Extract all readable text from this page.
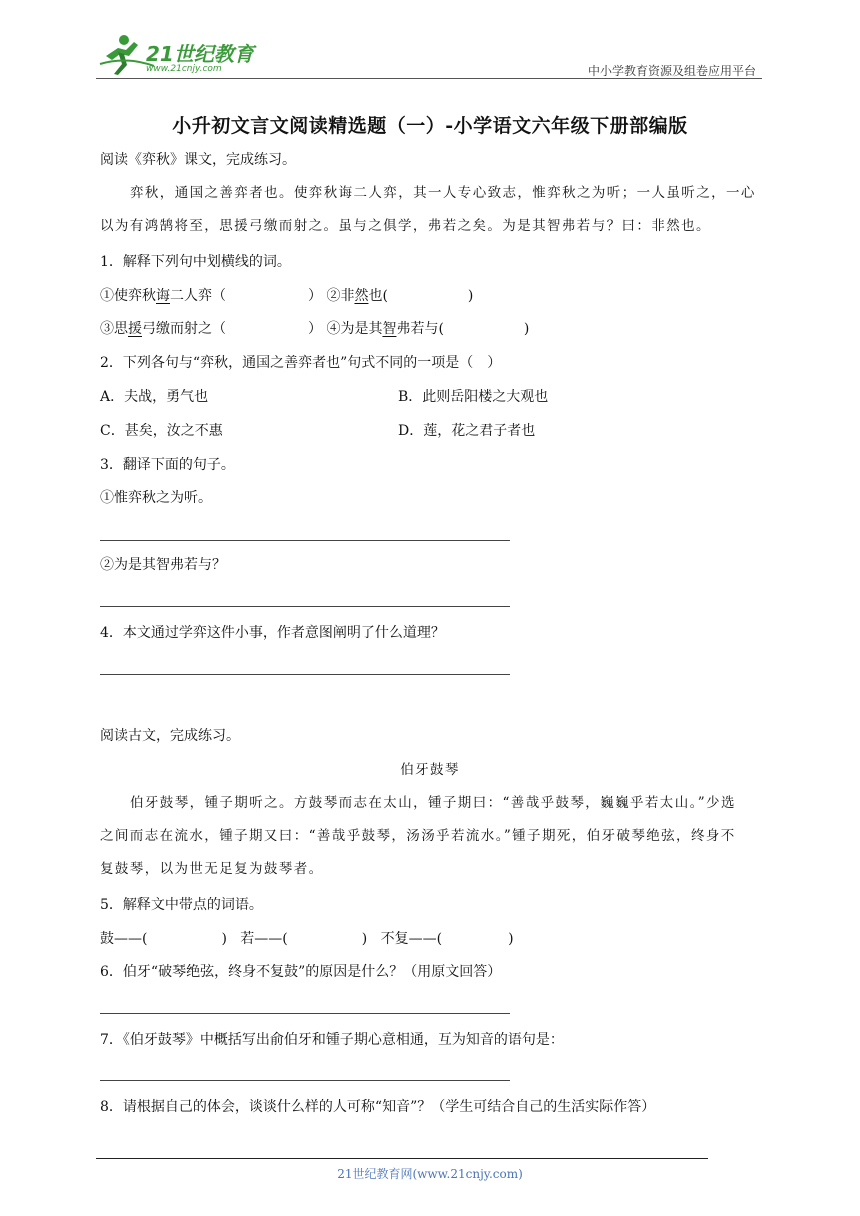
21世纪教育
www.21cnjy.com	中小学教育资源及组卷应用平台
小升初文言文阅读精选题（一）-小学语文六年级下册部编版
阅读《弈秋》课文，完成练习。
弈秋，通国之善弈者也。使弈秋诲二人弈，其一人专心致志，惟弈秋之为听；一人虽听之，一心
以为有鸿鹄将至，思援弓缴而射之。虽与之俱学，弗若之矣。为是其智弗若与？曰：非然也。
1．解释下列句中划横线的词。
①使弈秋诲二人弈（	） ②非然也(	)
③思援弓缴而射之（	） ④为是其智弗若与(	)
2．下列各句与“弈秋，通国之善弈者也”句式不同的一项是（　）
A．夫战，勇气也	B．此则岳阳楼之大观也
C．甚矣，汝之不惠	D．莲，花之君子者也
3．翻译下面的句子。
①惟弈秋之为听。
②为是其智弗若与？
4．本文通过学弈这件小事，作者意图阐明了什么道理？
阅读古文，完成练习。
伯牙鼓琴
伯牙鼓琴，锺子期听之。方鼓琴而志在太山，锺子期曰：“善哉乎鼓琴，巍巍乎若太山。”少选
之间而志在流水，锺子期又曰：“善哉乎鼓琴，汤汤乎若流水。”锺子期死，伯牙破琴绝弦，终身不
复鼓琴，以为世无足复为鼓琴者。
5．解释文中带点的词语。
鼓——(	) 若——(	) 不复——(	)
6．伯牙“破琴绝弦，终身不复鼓”的原因是什么？（用原文回答）
7．《伯牙鼓琴》中概括写出俞伯牙和锺子期心意相通，互为知音的语句是：
8．请根据自己的体会，谈谈什么样的人可称“知音”？（学生可结合自己的生活实际作答）
21世纪教育网(www.21cnjy.com)
